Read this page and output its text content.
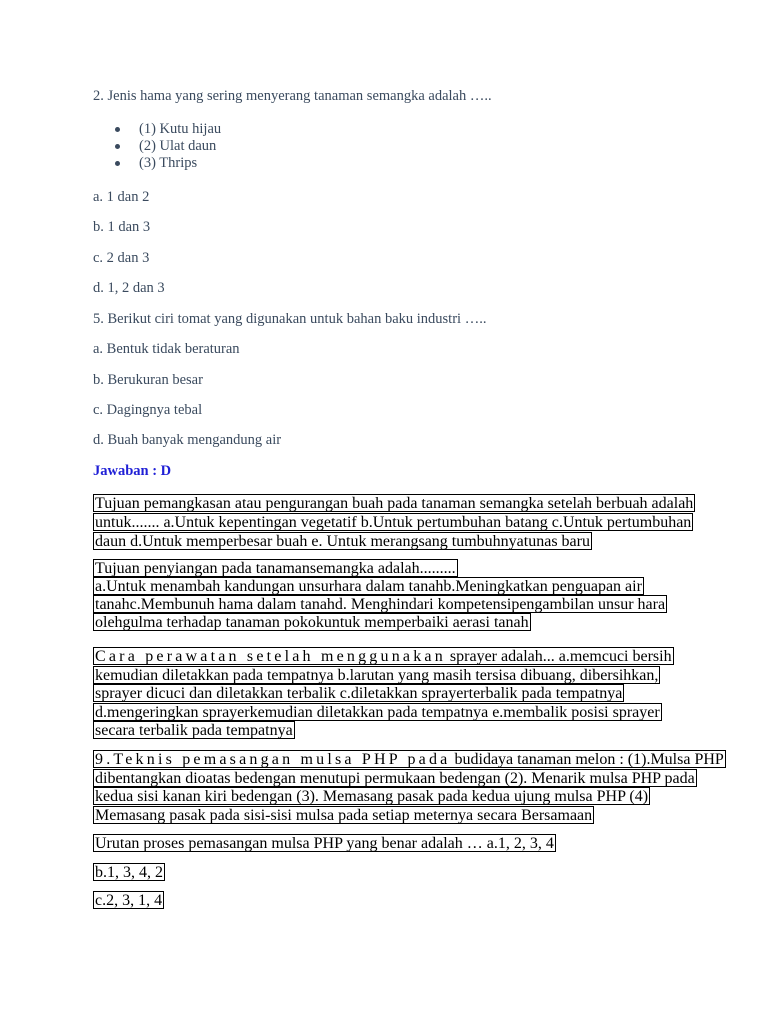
2. Jenis hama yang sering menyerang tanaman semangka adalah …..
(1) Kutu hijau
(2) Ulat daun
(3) Thrips
a. 1 dan 2
b. 1 dan 3
c. 2 dan 3
d. 1, 2 dan 3
5. Berikut ciri tomat yang digunakan untuk bahan baku industri …..
a. Bentuk tidak beraturan
b. Berukuran besar
c. Dagingnya tebal
d. Buah banyak mengandung air
Jawaban : D
Tujuan pemangkasan atau pengurangan buah pada tanaman semangka setelah berbuah adalah
untuk....... a.Untuk kepentingan vegetatif b.Untuk pertumbuhan batang c.Untuk pertumbuhan
daun d.Untuk memperbesar buah e. Untuk merangsang tumbuhnyatunas baru
Tujuan penyiangan pada tanamansemangka adalah.........
a.Untuk menambah kandungan unsurhara dalam tanahb.Meningkatkan penguapan air
tanahc.Membunuh hama dalam tanahd. Menghindari kompetensipengambilan unsur hara
olehgulma terhadap tanaman pokokuntuk memperbaiki aerasi tanah
Cara perawatan setelah menggunakan sprayer adalah... a.memcuci bersih
kemudian diletakkan pada tempatnya b.larutan yang masih tersisa dibuang, dibersihkan,
sprayer dicuci dan diletakkan terbalik c.diletakkan sprayerterbalik pada tempatnya
d.mengeringkan sprayerkemudian diletakkan pada tempatnya e.membalik posisi sprayer
secara terbalik pada tempatnya
9.Teknis pemasangan mulsa PHP pada budidaya tanaman melon : (1).Mulsa PHP
dibentangkan dioatas bedengan menutupi permukaan bedengan (2). Menarik mulsa PHP pada
kedua sisi kanan kiri bedengan (3). Memasang pasak pada kedua ujung mulsa PHP (4)
Memasang pasak pada sisi-sisi mulsa pada setiap meternya secara Bersamaan
Urutan proses pemasangan mulsa PHP yang benar adalah … a.1, 2, 3, 4
b.1, 3, 4, 2
c.2, 3, 1, 4
